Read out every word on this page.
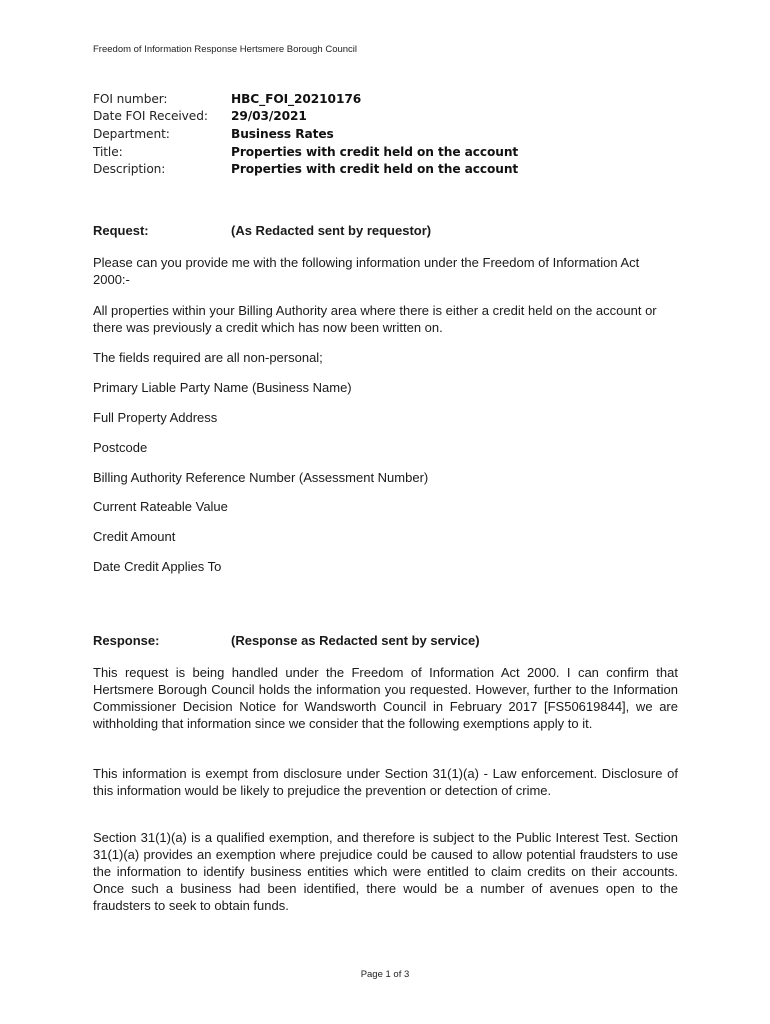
Freedom of Information Response Hertsmere Borough Council
FOI number:	HBC_FOI_20210176
Date FOI Received:	29/03/2021
Department:	Business Rates
Title:	Properties with credit held on the account
Description:	Properties with credit held on the account
Request:	(As Redacted sent by requestor)

Please can you provide me with the following information under the Freedom of Information Act 2000:-

All properties within your Billing Authority area where there is either a credit held on the account or there was previously a credit which has now been written on.

The fields required are all non-personal;

Primary Liable Party Name (Business Name)

Full Property Address

Postcode

Billing Authority Reference Number (Assessment Number)

Current Rateable Value

Credit Amount

Date Credit Applies To

Response:	(Response as Redacted sent by service)

This request is being handled under the Freedom of Information Act 2000. I can confirm that Hertsmere Borough Council holds the information you requested. However, further to the Information Commissioner Decision Notice for Wandsworth Council in February 2017 [FS50619844], we are withholding that information since we consider that the following exemptions apply to it.

This information is exempt from disclosure under Section 31(1)(a) - Law enforcement. Disclosure of this information would be likely to prejudice the prevention or detection of crime.

Section 31(1)(a) is a qualified exemption, and therefore is subject to the Public Interest Test. Section 31(1)(a) provides an exemption where prejudice could be caused to allow potential fraudsters to use the information to identify business entities which were entitled to claim credits on their accounts. Once such a business had been identified, there would be a number of avenues open to the fraudsters to seek to obtain funds.

Page 1 of 3
